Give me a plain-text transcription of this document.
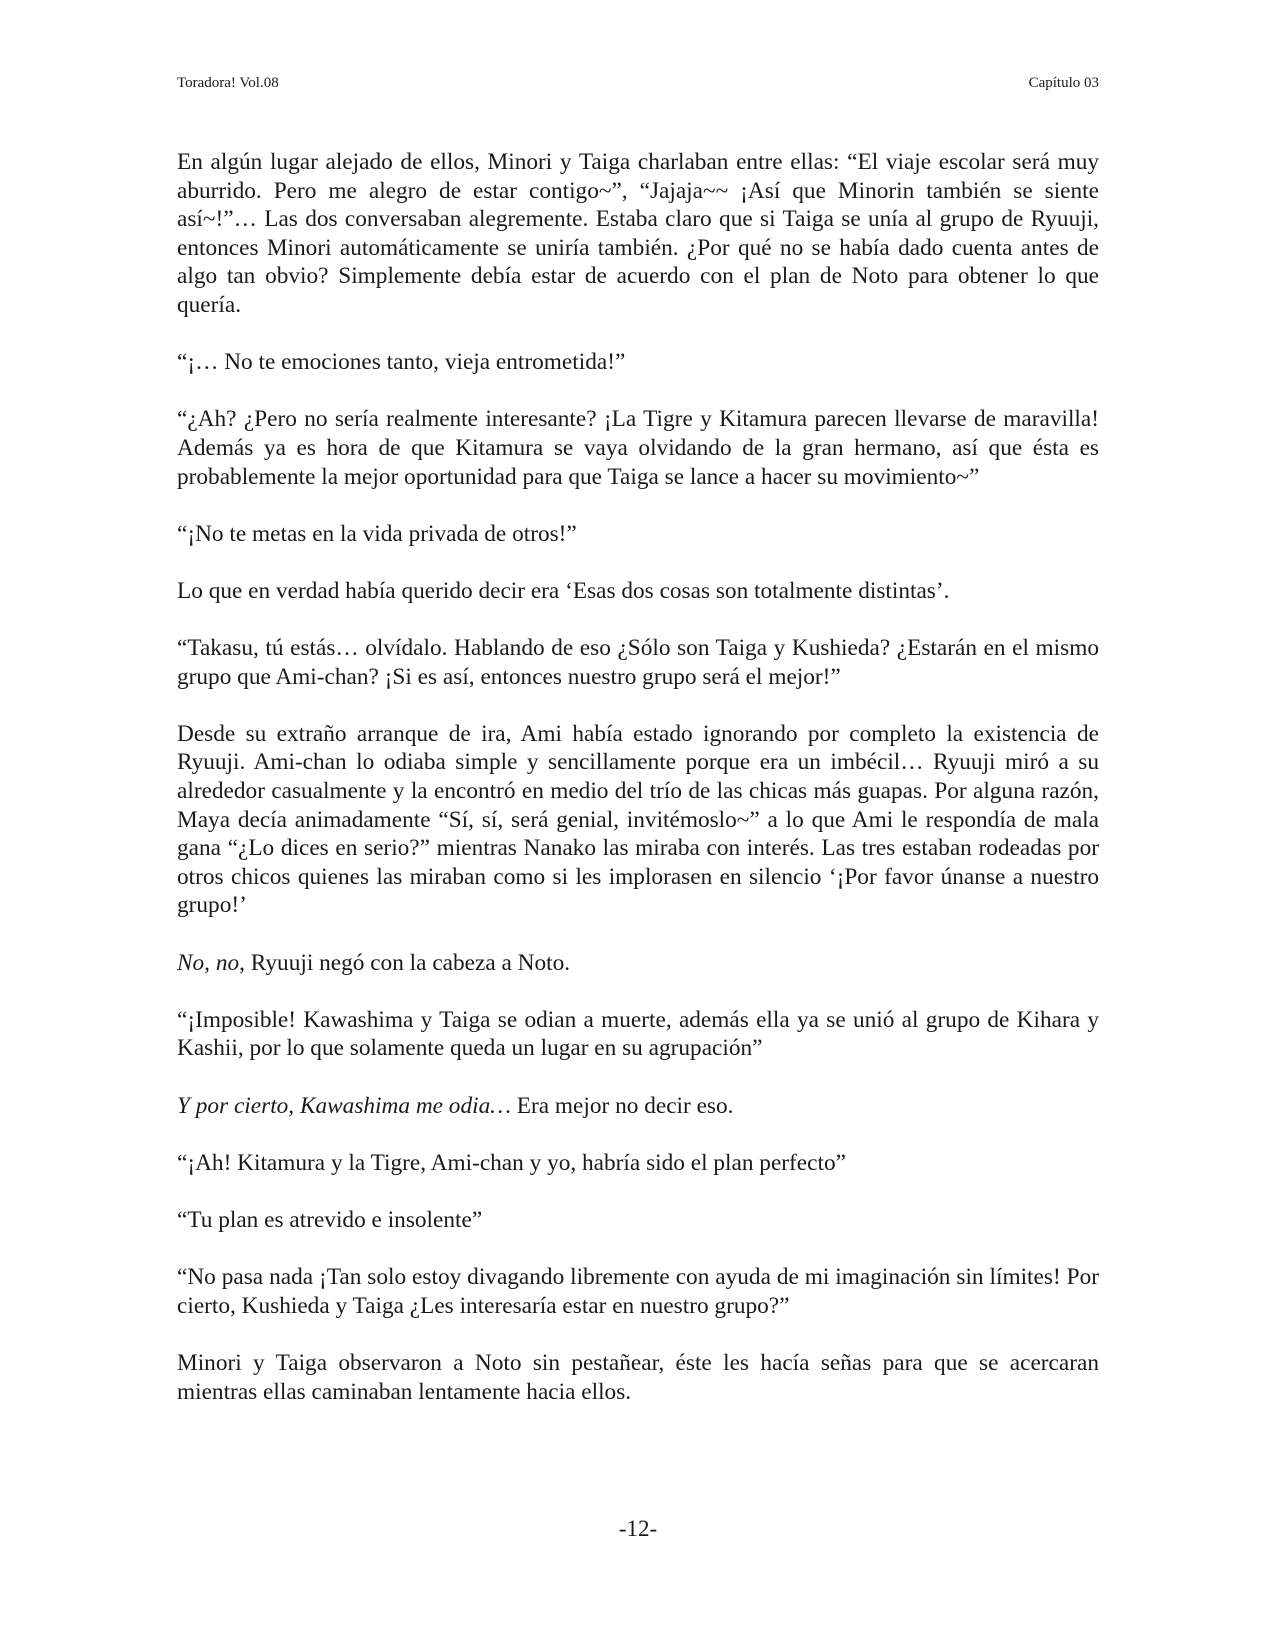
Toradora! Vol.08	Capítulo 03

En algún lugar alejado de ellos, Minori y Taiga charlaban entre ellas: “El viaje escolar será muy aburrido. Pero me alegro de estar contigo~”, “Jajaja~~ ¡Así que Minorin también se siente así~!”… Las dos conversaban alegremente. Estaba claro que si Taiga se unía al grupo de Ryuuji, entonces Minori automáticamente se uniría también. ¿Por qué no se había dado cuenta antes de algo tan obvio? Simplemente debía estar de acuerdo con el plan de Noto para obtener lo que quería.

“¡… No te emociones tanto, vieja entrometida!”

“¿Ah? ¿Pero no sería realmente interesante? ¡La Tigre y Kitamura parecen llevarse de maravilla! Además ya es hora de que Kitamura se vaya olvidando de la gran hermano, así que ésta es probablemente la mejor oportunidad para que Taiga se lance a hacer su movimiento~”

“¡No te metas en la vida privada de otros!”

Lo que en verdad había querido decir era ‘Esas dos cosas son totalmente distintas’.

“Takasu, tú estás… olvídalo. Hablando de eso ¿Sólo son Taiga y Kushieda? ¿Estarán en el mismo grupo que Ami-chan? ¡Si es así, entonces nuestro grupo será el mejor!”

Desde su extraño arranque de ira, Ami había estado ignorando por completo la existencia de Ryuuji. Ami-chan lo odiaba simple y sencillamente porque era un imbécil… Ryuuji miró a su alrededor casualmente y la encontró en medio del trío de las chicas más guapas. Por alguna razón, Maya decía animadamente “Sí, sí, será genial, invitémoslo~” a lo que Ami le respondía de mala gana “¿Lo dices en serio?” mientras Nanako las miraba con interés. Las tres estaban rodeadas por otros chicos quienes las miraban como si les implorasen en silencio ‘¡Por favor únanse a nuestro grupo!’

No, no, Ryuuji negó con la cabeza a Noto.

“¡Imposible! Kawashima y Taiga se odian a muerte, además ella ya se unió al grupo de Kihara y Kashii, por lo que solamente queda un lugar en su agrupación”

Y por cierto, Kawashima me odia… Era mejor no decir eso.

“¡Ah! Kitamura y la Tigre, Ami-chan y yo, habría sido el plan perfecto”

“Tu plan es atrevido e insolente”

“No pasa nada ¡Tan solo estoy divagando libremente con ayuda de mi imaginación sin límites! Por cierto, Kushieda y Taiga ¿Les interesaría estar en nuestro grupo?”

Minori y Taiga observaron a Noto sin pestañear, éste les hacía señas para que se acercaran mientras ellas caminaban lentamente hacia ellos.

-12-
